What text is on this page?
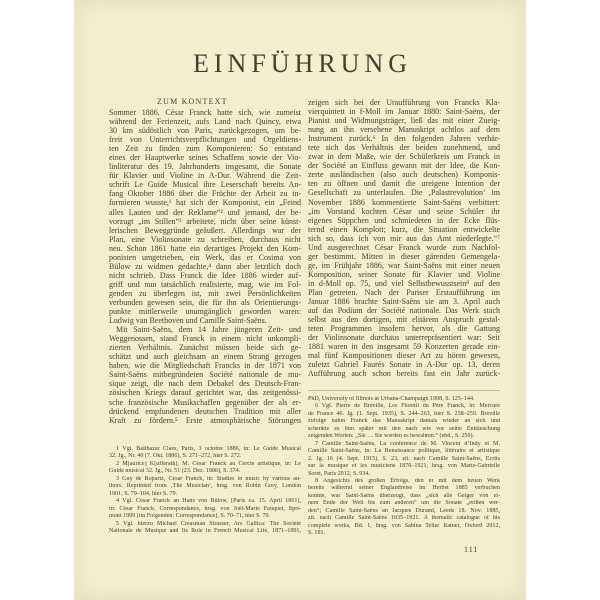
EINFÜHRUNG
ZUM KONTEXT
Sommer 1886. César Franck hatte sich, wie zumeist
während der Ferienzeit, aufs Land nach Quincy, etwa
30 km südöstlich von Paris, zurückgezogen, um be-
freit von Unterrichtsverpflichtungen und Orgeldiens-
ten Zeit zu finden zum Komponieren: So entstand
eines der Hauptwerke seines Schaffens sowie der Vio-
linliteratur des 19. Jahrhunderts insgesamt, die Sonate
für Klavier und Violine in A-Dur. Während die Zeit-
schrift Le Guide Musical ihre Leserschaft bereits An-
fang Oktober 1886 über die Früchte der Arbeit zu in-
formieren wusste,¹ hat sich der Komponist, ein „Feind
alles Lauten und der Reklame“² und jemand, der be-
vorzugt „im Stillen“³ arbeitete, nicht über seine künst-
lerischen Beweggründe geäußert. Allerdings war der
Plan, eine Violinsonate zu schreiben, durchaus nicht
neu. Schon 1861 hatte ein derartiges Projekt den Kom-
ponisten umgetrieben, ein Werk, das er Cosima von
Bülow zu widmen gedachte,⁴ dann aber letztlich doch
nicht schrieb. Dass Franck die Idee 1886 wieder auf-
griff und nun tatsächlich realisierte, mag, wie im Fol-
genden zu überlegen ist, mit zwei Persönlichkeiten
verbunden gewesen sein, die für ihn als Orientierungs-
punkte mittlerweile unumgänglich geworden waren:
Ludwig van Beethoven und Camille Saint-Saëns.
Mit Saint-Saëns, dem 14 Jahre jüngeren Zeit- und
Weggenossen, stand Franck in einem nicht unkompli-
zierten Verhältnis. Zunächst müssen beide sich ge-
schätzt und auch gleichsam an einem Strang gezogen
haben, wie die Mitgliedschaft Francks in der 1871 von
Saint-Saëns mitbegründeten Société nationale de mu-
sique zeigt, die nach dem Debakel des Deutsch-Fran-
zösischen Kriegs darauf gerichtet war, das zeitgenössi-
sche französische Musikschaffen gegenüber der als er-
drückend empfundenen deutschen Tradition mit aller
Kraft zu fördern.⁵ Erste atmosphärische Störungen
zeigen sich bei der Uraufführung von Francks Kla-
vierquintett in f-Moll im Januar 1880: Saint-Saëns, der
Pianist und Widmungsträger, ließ das mit einer Zueig-
nung an ihn versehene Manuskript achtlos auf dem
Instrument zurück.⁶ In den folgenden Jahren verhär-
tete sich das Verhältnis der beiden zunehmend, und
zwar in dem Maße, wie der Schülerkreis um Franck in
der Société an Einfluss gewann mit der Idee, die Kon-
zerte ausländischen (also auch deutschen) Komponis-
ten zu öffnen und damit die ureigene Intention der
Gesellschaft zu unterlaufen. Die ‚Palastrevolution‘ im
November 1886 kommentierte Saint-Saëns verbittert:
„im Vorstand kochten César und seine Schüler ihr
eigenes Süppchen und schmiedeten in der Ecke flüs-
ternd einen Komplott; kurz, die Situation entwickelte
sich so, dass ich von mir aus das Amt niederlegte.“⁷
Und ausgerechnet César Franck wurde zum Nachfol-
ger bestimmt. Mitten in dieser gärenden Gemengela-
ge, im Frühjahr 1886, war Saint-Saëns mit einer neuen
Komposition, seiner Sonate für Klavier und Violine
in d-Moll op. 75, und viel Selbstbewusstsein⁸ auf den
Plan getreten. Nach der Pariser Erstaufführung im
Januar 1886 brachte Saint-Saëns sie am 3. April auch
auf das Podium der Société nationale. Das Werk stach
selbst aus den dortigen, mit elitärem Anspruch gestal-
teten Programmen insofern hervor, als die Gattung
der Violinsonate durchaus unterrepräsentiert war: Seit
1881 waren in den insgesamt 59 Konzerten gerade ein-
mal fünf Kompositionen dieser Art zu hören gewesen,
zuletzt Gabriel Faurés Sonate in A-Dur op. 13, deren
Aufführung auch schon bereits fast ein Jahr zurück-
1 Vgl. Balthazar Claes, Paris, 3 octobre 1886, in: Le Guide Musical
32. Jg., Nr. 40 (7. Okt. 1886), S. 271–272, hier S. 272.
2 M[aurice] K[ufferath], M. César Franck au Cercle artistique, in: Le
Guide musical 32. Jg., Nr. 51 (23. Dez. 1886), S. 374.
3 Guy de Ropartz, César Franck, in: Studies in music by various au-
thors. Reprinted from ‚The Musician‘, hrsg. von Robin Grey, London
1901, S. 79–104, hier S. 79.
4 Vgl. César Franck an Hans von Bülow, [Paris ca. 15. April 1861],
in: César Franck. Correspondance, hrsg. von Joël-Marie Fauquet, Spri-
mont 1999 [im Folgenden: Correspondance], S. 70–71, hier S. 70.
5 Vgl. hierzu Michael Creasman Strasser, Ars Gallica: The Société
Nationale de Musique and Its Role in French Musical Life, 1871–1891,
PhD, University of Illinois at Urbana-Champaign 1998, S. 125–144.
6 Vgl. Pierre de Bréville, Les Fioretti du Père Franck, in: Mercure
de France 46. Jg. (1. Sept. 1935), S. 244–263, hier S. 258–259. Bréville
zufolge nahm Franck das Manuskript damals wieder an sich und
schenkte es ihm später mit den nach wie vor seine Enttäuschung
zeigenden Worten: „Sie … Sie werden es bewahren.“ (ebd., S. 259).
7 Camille Saint-Saëns, La conférence de M. Vincent d’Indy et M.
Camille Saint-Saëns, in: La Renaissance politique, littéraire et artistique
2. Jg. 16 (4. Sept. 1915), S. 23, zit. nach Camille Saint-Saëns, Écrits
sur la musique et les musiciens 1870–1921, hrsg. von Marie-Gabrielle
Soret, Paris 2012, S. 934.
8 Angesichts des großen Erfolgs, den er mit dem neuen Werk
bereits während seiner Englandreise im Herbst 1885 verbuchen
konnte, war Saint-Saëns überzeugt, dass „sich alle Geiger von ei-
nem Ende der Welt bis zum anderen“ um die Sonate „reißen wer-
den“; Camille Saint-Saëns an Jacques Durand, Leeds 18. Nov. 1885,
zit. nach Camille Saint-Saëns 1835–1921. A thematic catalogue of his
complete works, Bd. 1, hrsg. von Sabina Teller Ratner, Oxford 2012,
S. 181.
111
